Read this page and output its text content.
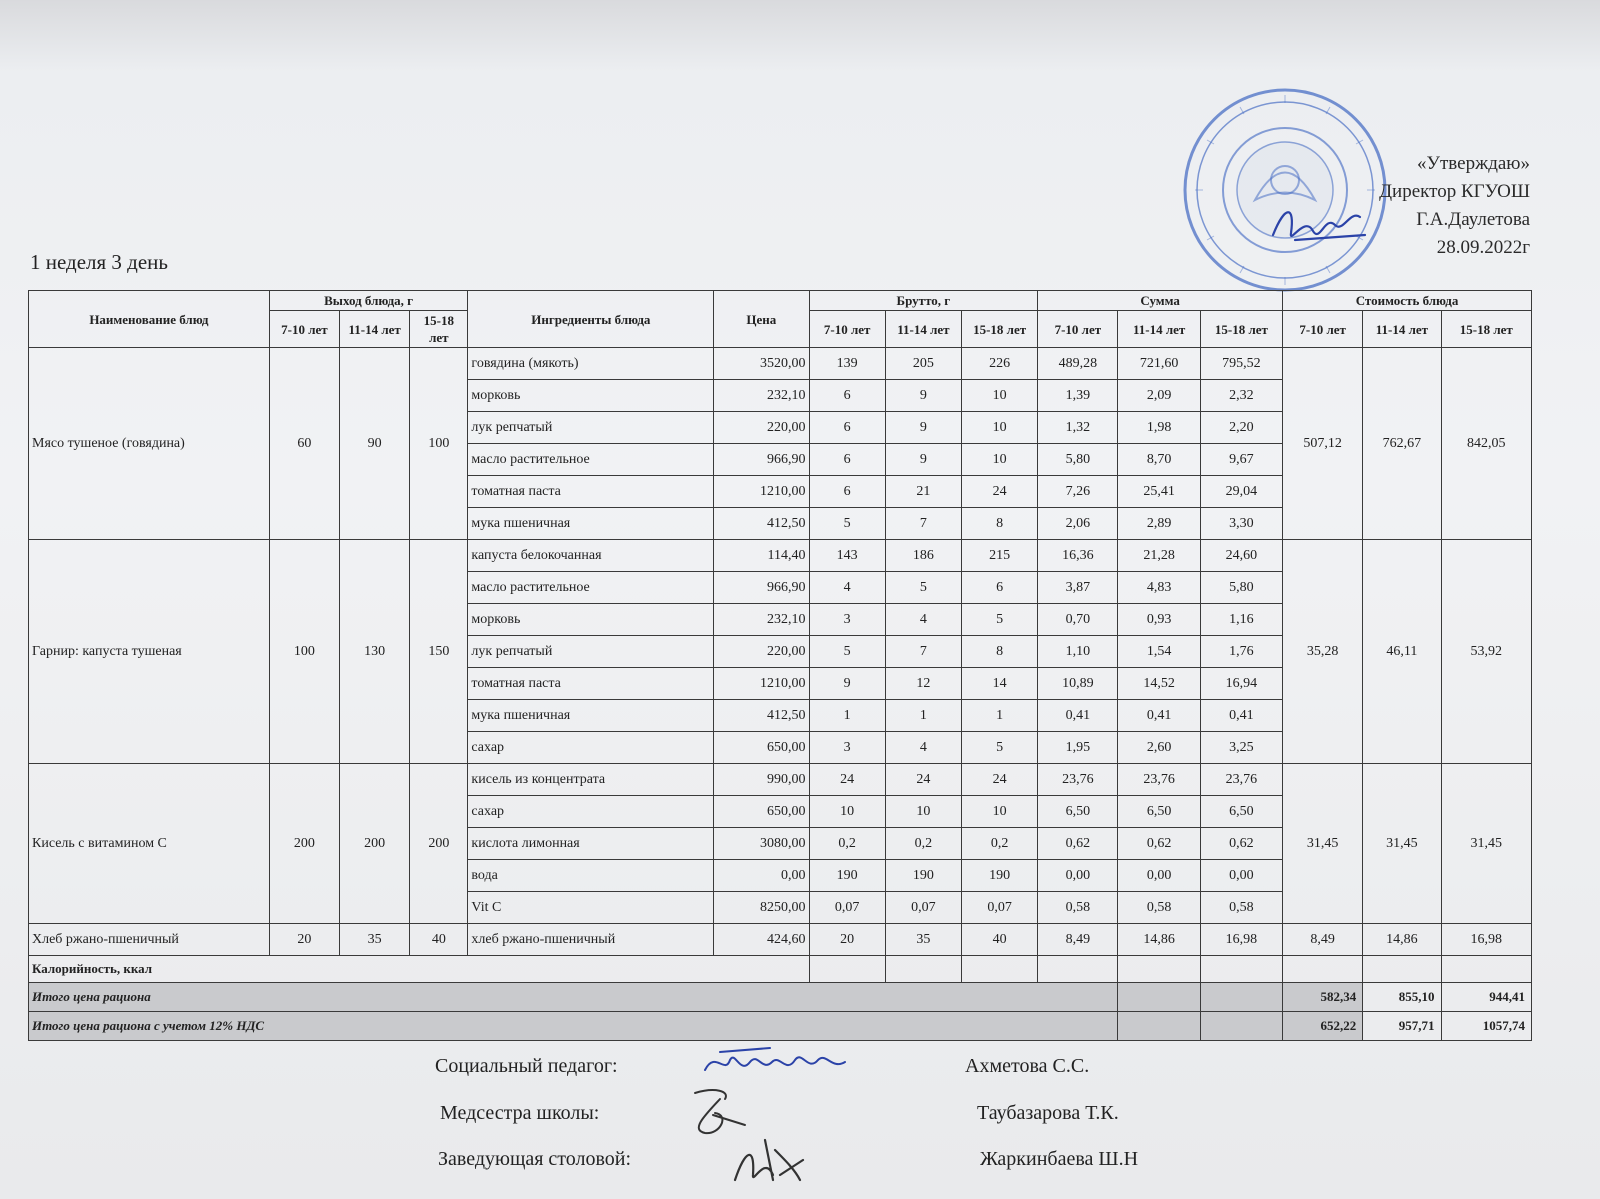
«Утверждаю»
Директор КГУОШ
Г.А.Даулетова
28.09.2022г
1 неделя 3 день
Наименование блюд	Выход блюда, г			Ингредиенты блюда	Цена	Брутто, г			Сумма			Стоимость блюда		
	7-10 лет	11-14 лет	15-18 лет			7-10 лет	11-14 лет	15-18 лет	7-10 лет	11-14 лет	15-18 лет	7-10 лет	11-14 лет	15-18 лет
Мясо тушеное (говядина)	60	90	100	говядина (мякоть)	3520,00	139	205	226	489,28	721,60	795,52	507,12	762,67	842,05
				морковь	232,10	6	9	10	1,39	2,09	2,32			
				лук репчатый	220,00	6	9	10	1,32	1,98	2,20			
				масло растительное	966,90	6	9	10	5,80	8,70	9,67			
				томатная паста	1210,00	6	21	24	7,26	25,41	29,04			
				мука пшеничная	412,50	5	7	8	2,06	2,89	3,30			
Гарнир: капуста тушеная	100	130	150	капуста белокочанная	114,40	143	186	215	16,36	21,28	24,60	35,28	46,11	53,92
				масло растительное	966,90	4	5	6	3,87	4,83	5,80			
				морковь	232,10	3	4	5	0,70	0,93	1,16			
				лук репчатый	220,00	5	7	8	1,10	1,54	1,76			
				томатная паста	1210,00	9	12	14	10,89	14,52	16,94			
				мука пшеничная	412,50	1	1	1	0,41	0,41	0,41			
				сахар	650,00	3	4	5	1,95	2,60	3,25			
Кисель с витамином С	200	200	200	кисель из концентрата	990,00	24	24	24	23,76	23,76	23,76	31,45	31,45	31,45
				сахар	650,00	10	10	10	6,50	6,50	6,50			
				кислота лимонная	3080,00	0,2	0,2	0,2	0,62	0,62	0,62			
				вода	0,00	190	190	190	0,00	0,00	0,00			
				Vit C	8250,00	0,07	0,07	0,07	0,58	0,58	0,58			
Хлеб ржано-пшеничный	20	35	40	хлеб ржано-пшеничный	424,60	20	35	40	8,49	14,86	16,98	8,49	14,86	16,98
Калорийность, ккал														
Итого цена рациона												582,34	855,10	944,41
Итого цена рациона с учетом 12% НДС												652,22	957,71	1057,74
Социальный педагог:	Ахметова С.С.
Медсестра школы:	Таубазарова Т.К.
Заведующая столовой:	Жаркинбаева Ш.Н
